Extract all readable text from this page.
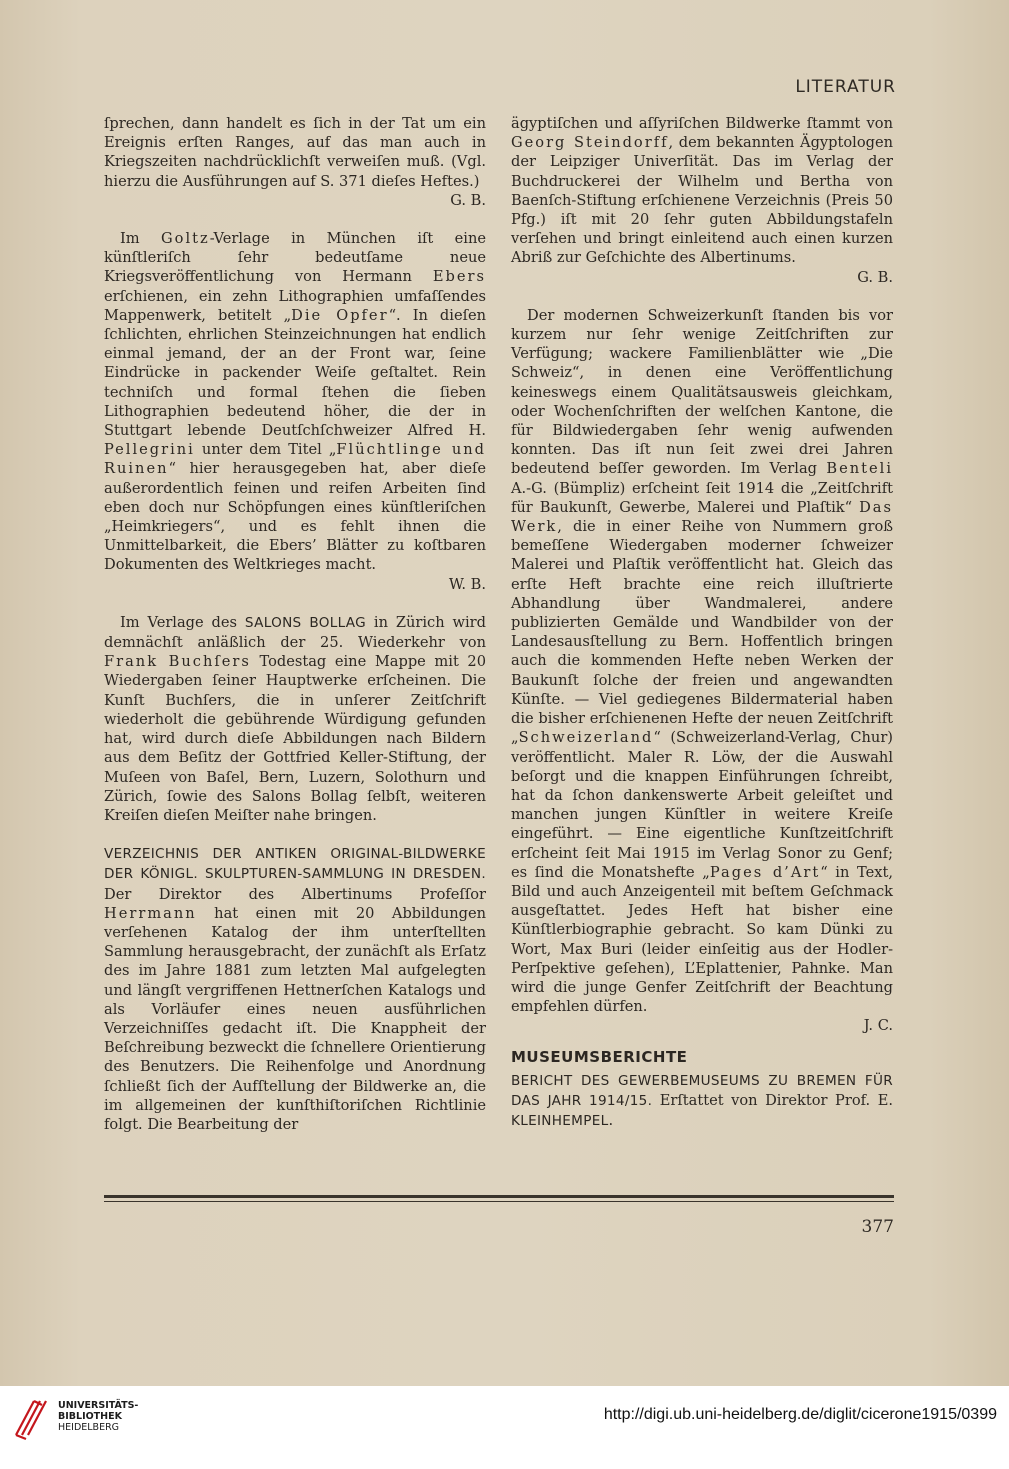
LITERATUR

ſprechen, dann handelt es ſich in der Tat um ein Ereignis erſten Ranges, auf das man auch in Kriegszeiten nachdrücklichſt verweiſen muß. (Vgl. hierzu die Ausführungen auf S. 371 dieſes Heftes.)

G. B.

Im Goltz-Verlage in München iſt eine künſtleriſch ſehr bedeutſame neue Kriegsveröffentlichung von Hermann Ebers erſchienen, ein zehn Lithographien umfaſſendes Mappenwerk, betitelt „Die Opfer“. In dieſen ſchlichten, ehrlichen Steinzeichnungen hat endlich einmal jemand, der an der Front war, ſeine Eindrücke in packender Weiſe geſtaltet. Rein techniſch und formal ſtehen die ſieben Lithographien bedeutend höher, die der in Stuttgart lebende Deutſchſchweizer Alfred H. Pellegrini unter dem Titel „Flüchtlinge und Ruinen“ hier herausgegeben hat, aber dieſe außerordentlich feinen und reifen Arbeiten ſind eben doch nur Schöpfungen eines künſtleriſchen „Heimkriegers“, und es fehlt ihnen die Unmittelbarkeit, die Ebers’ Blätter zu koſtbaren Dokumenten des Weltkrieges macht.

W. B.

Im Verlage des SALONS BOLLAG in Zürich wird demnächſt anläßlich der 25. Wiederkehr von Frank Buchſers Todestag eine Mappe mit 20 Wiedergaben ſeiner Hauptwerke erſcheinen. Die Kunſt Buchſers, die in unſerer Zeitſchrift wiederholt die gebührende Würdigung gefunden hat, wird durch dieſe Abbildungen nach Bildern aus dem Beſitz der Gottfried Keller-Stiftung, der Muſeen von Baſel, Bern, Luzern, Solothurn und Zürich, ſowie des Salons Bollag ſelbſt, weiteren Kreiſen dieſen Meiſter nahe bringen.

VERZEICHNIS DER ANTIKEN ORIGINAL-BILDWERKE DER KÖNIGL. SKULPTUREN-SAMMLUNG IN DRESDEN. Der Direktor des Albertinums Profeſſor Herrmann hat einen mit 20 Abbildungen verſehenen Katalog der ihm unterſtellten Sammlung herausgebracht, der zunächſt als Erſatz des im Jahre 1881 zum letzten Mal aufgelegten und längſt vergriffenen Hettnerſchen Katalogs und als Vorläufer eines neuen ausführlichen Verzeichniſſes gedacht iſt. Die Knappheit der Beſchreibung bezweckt die ſchnellere Orientierung des Benutzers. Die Reihenfolge und Anordnung ſchließt ſich der Aufſtellung der Bildwerke an, die im allgemeinen der kunſthiſtoriſchen Richtlinie folgt. Die Bearbeitung der

ägyptiſchen und aſſyriſchen Bildwerke ſtammt von Georg Steindorff, dem bekannten Ägyptologen der Leipziger Univerſität. Das im Verlag der Buchdruckerei der Wilhelm und Bertha von Baenſch-Stiftung erſchienene Verzeichnis (Preis 50 Pfg.) iſt mit 20 ſehr guten Abbildungstafeln verſehen und bringt einleitend auch einen kurzen Abriß zur Geſchichte des Albertinums.

G. B.

Der modernen Schweizerkunſt ſtanden bis vor kurzem nur ſehr wenige Zeitſchriften zur Verfügung; wackere Familienblätter wie „Die Schweiz“, in denen eine Veröffentlichung keineswegs einem Qualitätsausweis gleichkam, oder Wochenſchriften der welſchen Kantone, die für Bildwiedergaben ſehr wenig aufwenden konnten. Das iſt nun ſeit zwei drei Jahren bedeutend beſſer geworden. Im Verlag Benteli A.-G. (Bümpliz) erſcheint ſeit 1914 die „Zeitſchrift für Baukunſt, Gewerbe, Malerei und Plaſtik“ Das Werk, die in einer Reihe von Nummern groß bemeſſene Wiedergaben moderner ſchweizer Malerei und Plaſtik veröffentlicht hat. Gleich das erſte Heft brachte eine reich illuſtrierte Abhandlung über Wandmalerei, andere publizierten Gemälde und Wandbilder von der Landesausſtellung zu Bern. Hoffentlich bringen auch die kommenden Hefte neben Werken der Baukunſt ſolche der freien und angewandten Künſte. — Viel gediegenes Bildermaterial haben die bisher erſchienenen Hefte der neuen Zeitſchrift „Schweizerland“ (Schweizerland-Verlag, Chur) veröffentlicht. Maler R. Löw, der die Auswahl beſorgt und die knappen Einführungen ſchreibt, hat da ſchon dankenswerte Arbeit geleiſtet und manchen jungen Künſtler in weitere Kreiſe eingeführt. — Eine eigentliche Kunſtzeitſchrift erſcheint ſeit Mai 1915 im Verlag Sonor zu Genf; es ſind die Monatshefte „Pages d’Art“ in Text, Bild und auch Anzeigenteil mit beſtem Geſchmack ausgeſtattet. Jedes Heft hat bisher eine Künſtlerbiographie gebracht. So kam Dünki zu Wort, Max Buri (leider einſeitig aus der Hodler-Perſpektive geſehen), L’Eplattenier, Pahnke. Man wird die junge Genfer Zeitſchrift der Beachtung empfehlen dürfen.

J. C.

MUSEUMSBERICHTE

BERICHT DES GEWERBEMUSEUMS ZU BREMEN FÜR DAS JAHR 1914/15. Erſtattet von Direktor Prof. E. KLEINHEMPEL.

377
UNIVERSITÄTS-
BIBLIOTHEK
HEIDELBERG
http://digi.ub.uni-heidelberg.de/diglit/cicerone1915/0399
